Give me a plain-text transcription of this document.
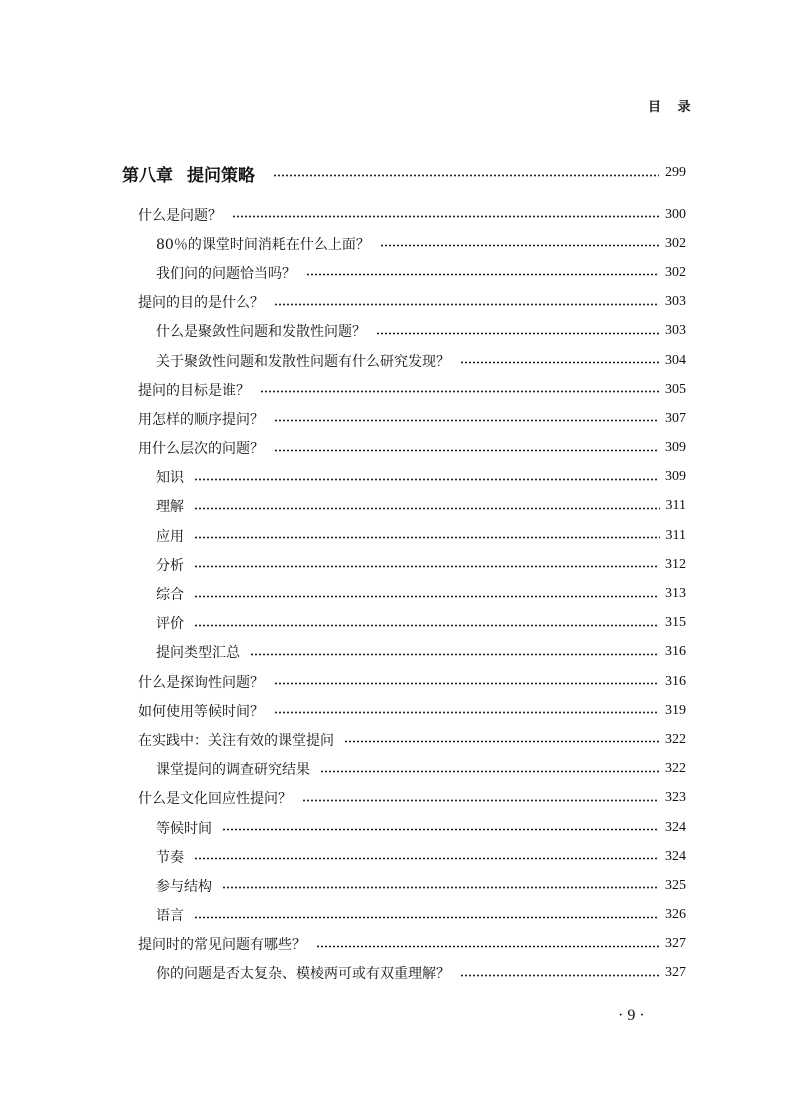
目 录
第八章 提问策略	299
什么是问题？	300
80％的课堂时间消耗在什么上面？	302
我们问的问题恰当吗？	302
提问的目的是什么？	303
什么是聚敛性问题和发散性问题？	303
关于聚敛性问题和发散性问题有什么研究发现？	304
提问的目标是谁？	305
用怎样的顺序提问？	307
用什么层次的问题？	309
知识	309
理解	311
应用	311
分析	312
综合	313
评价	315
提问类型汇总	316
什么是探询性问题？	316
如何使用等候时间？	319
在实践中：关注有效的课堂提问	322
课堂提问的调查研究结果	322
什么是文化回应性提问？	323
等候时间	324
节奏	324
参与结构	325
语言	326
提问时的常见问题有哪些？	327
你的问题是否太复杂、模棱两可或有双重理解？	327
· 9 ·
